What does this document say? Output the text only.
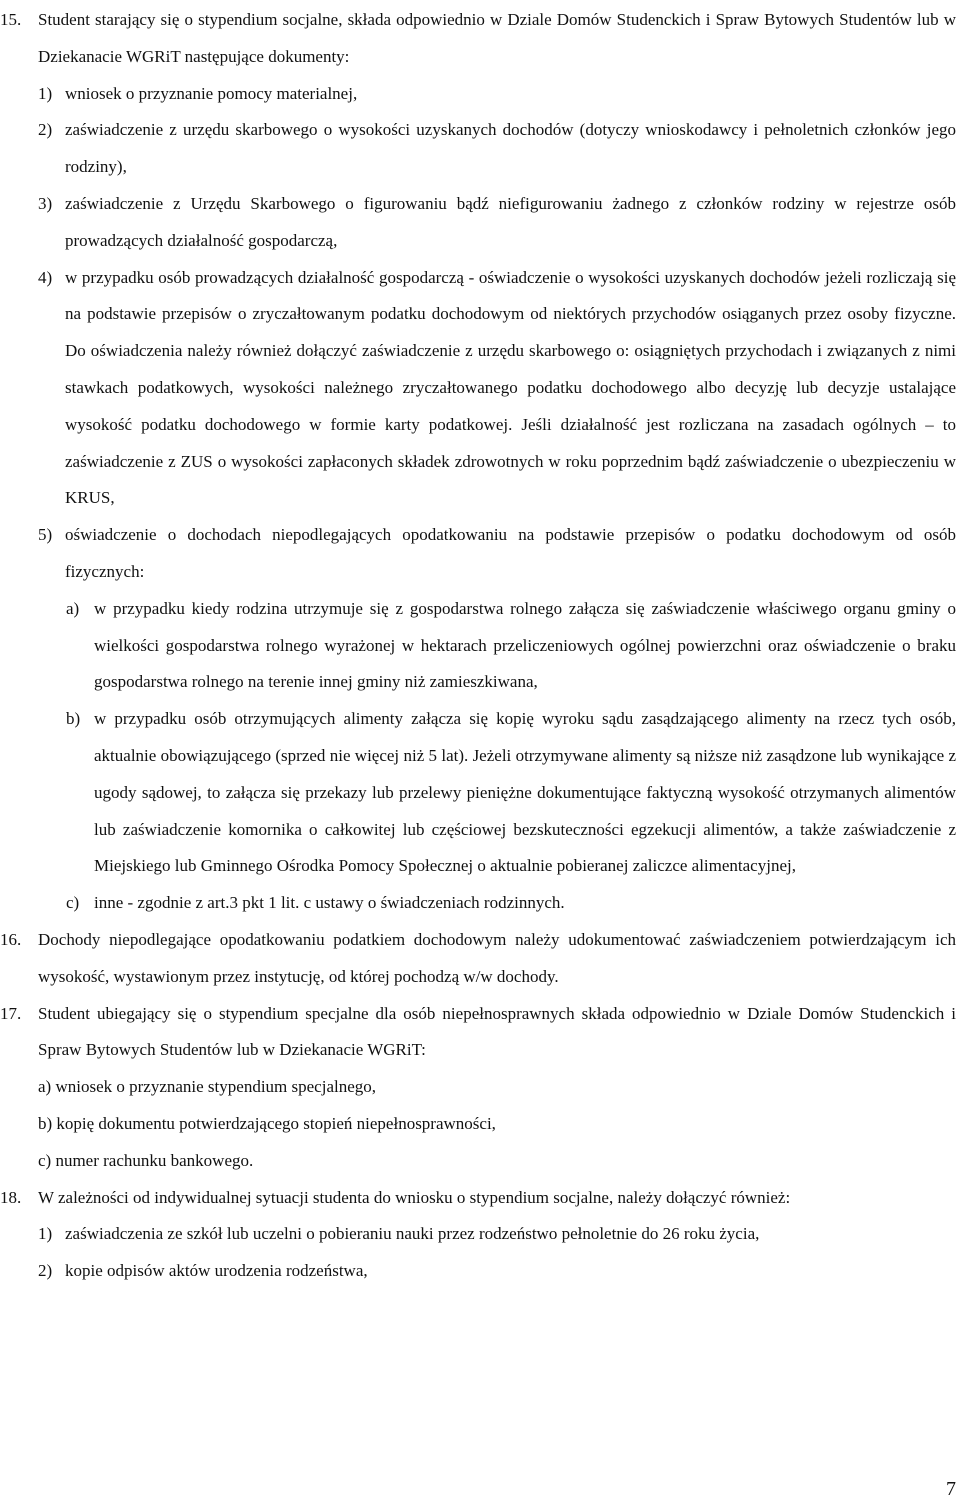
15. Student starający się o stypendium socjalne, składa odpowiednio w Dziale Domów Studenckich i Spraw Bytowych Studentów lub w Dziekanacie WGRiT następujące dokumenty:

1) wniosek o przyznanie pomocy materialnej,

2) zaświadczenie z urzędu skarbowego o wysokości uzyskanych dochodów (dotyczy wnioskodawcy i pełnoletnich członków jego rodziny),

3) zaświadczenie z Urzędu Skarbowego o figurowaniu bądź niefigurowaniu żadnego z członków rodziny w rejestrze osób prowadzących działalność gospodarczą,

4) w przypadku osób prowadzących działalność gospodarczą - oświadczenie o wysokości uzyskanych dochodów jeżeli rozliczają się na podstawie przepisów o zryczałtowanym podatku dochodowym od niektórych przychodów osiąganych przez osoby fizyczne. Do oświadczenia należy również dołączyć zaświadczenie z urzędu skarbowego o: osiągniętych przychodach i związanych z nimi stawkach podatkowych, wysokości należnego zryczałtowanego podatku dochodowego albo decyzję lub decyzje ustalające wysokość podatku dochodowego w formie karty podatkowej. Jeśli działalność jest rozliczana na zasadach ogólnych – to zaświadczenie z ZUS o wysokości zapłaconych składek zdrowotnych w roku poprzednim bądź zaświadczenie o ubezpieczeniu w KRUS,

5) oświadczenie o dochodach niepodlegających opodatkowaniu na podstawie przepisów o podatku dochodowym od osób fizycznych:

a) w przypadku kiedy rodzina utrzymuje się z gospodarstwa rolnego załącza się zaświadczenie właściwego organu gminy o wielkości gospodarstwa rolnego wyrażonej w hektarach przeliczeniowych ogólnej powierzchni oraz oświadczenie o braku gospodarstwa rolnego na terenie innej gminy niż zamieszkiwana,

b) w przypadku osób otrzymujących alimenty załącza się kopię wyroku sądu zasądzającego alimenty na rzecz tych osób, aktualnie obowiązującego (sprzed nie więcej niż 5 lat). Jeżeli otrzymywane alimenty są niższe niż zasądzone lub wynikające z ugody sądowej, to załącza się przekazy lub przelewy pieniężne dokumentujące faktyczną wysokość otrzymanych alimentów lub zaświadczenie komornika o całkowitej lub częściowej bezskuteczności egzekucji alimentów, a także zaświadczenie z Miejskiego lub Gminnego Ośrodka Pomocy Społecznej o aktualnie pobieranej zaliczce alimentacyjnej,

c) inne - zgodnie z art.3 pkt 1 lit. c ustawy o świadczeniach rodzinnych.

16. Dochody niepodlegające opodatkowaniu podatkiem dochodowym należy udokumentować zaświadczeniem potwierdzającym ich wysokość, wystawionym przez instytucję, od której pochodzą w/w dochody.

17. Student ubiegający się o stypendium specjalne dla osób niepełnosprawnych składa odpowiednio w Dziale Domów Studenckich i Spraw Bytowych Studentów lub w Dziekanacie WGRiT:

a) wniosek o przyznanie stypendium specjalnego,

b) kopię dokumentu potwierdzającego stopień niepełnosprawności,

c) numer rachunku bankowego.

18. W zależności od indywidualnej sytuacji studenta do wniosku o stypendium socjalne, należy dołączyć również:

1) zaświadczenia ze szkół lub uczelni o pobieraniu nauki przez rodzeństwo pełnoletnie do 26 roku życia,

2) kopie odpisów aktów urodzenia rodzeństwa,

7
